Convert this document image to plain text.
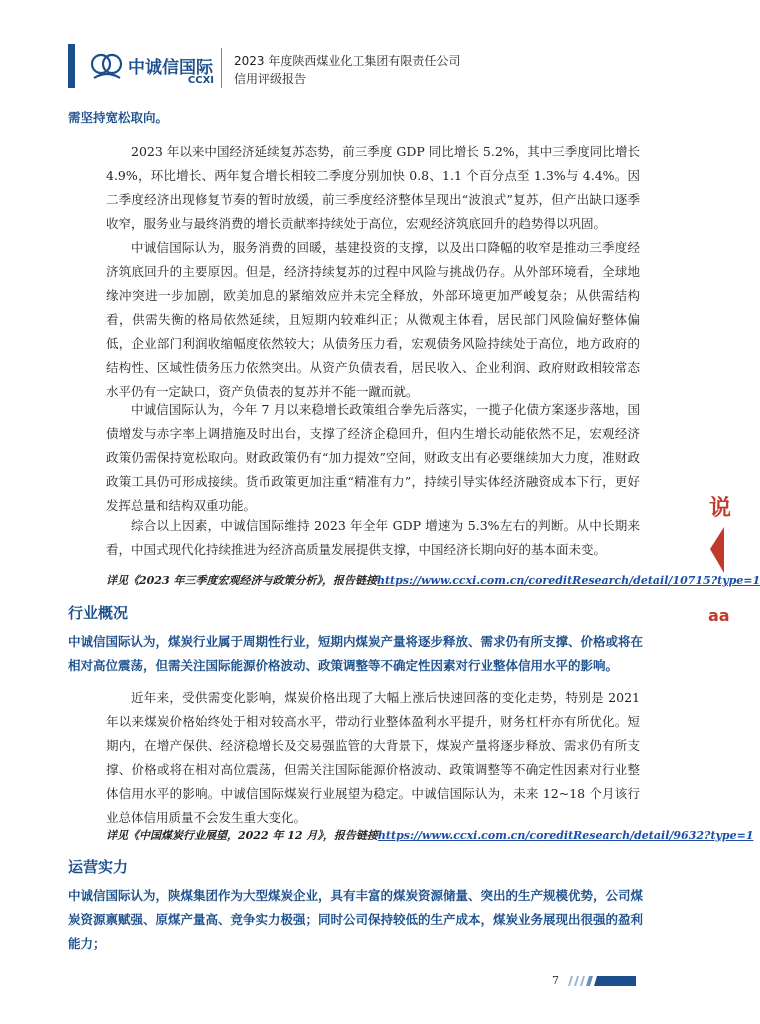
中诚信国际
CCXI
2023 年度陕西煤业化工集团有限责任公司
信用评级报告
说
aa
需坚持宽松取向。

2023 年以来中国经济延续复苏态势，前三季度 GDP 同比增长 5.2%，其中三季度同比增长 4.9%，环比增长、两年复合增长相较二季度分别加快 0.8、1.1 个百分点至 1.3%与 4.4%。因二季度经济出现修复节奏的暂时放缓，前三季度经济整体呈现出“波浪式”复苏，但产出缺口逐季收窄，服务业与最终消费的增长贡献率持续处于高位，宏观经济筑底回升的趋势得以巩固。

中诚信国际认为，服务消费的回暖，基建投资的支撑，以及出口降幅的收窄是推动三季度经济筑底回升的主要原因。但是，经济持续复苏的过程中风险与挑战仍存。从外部环境看，全球地缘冲突进一步加剧，欧美加息的紧缩效应并未完全释放，外部环境更加严峻复杂；从供需结构看，供需失衡的格局依然延续，且短期内较难纠正；从微观主体看，居民部门风险偏好整体偏低，企业部门利润收缩幅度依然较大；从债务压力看，宏观债务风险持续处于高位，地方政府的结构性、区域性债务压力依然突出。从资产负债表看，居民收入、企业利润、政府财政相较常态水平仍有一定缺口，资产负债表的复苏并不能一蹴而就。

中诚信国际认为，今年 7 月以来稳增长政策组合拳先后落实，一揽子化债方案逐步落地，国债增发与赤字率上调措施及时出台，支撑了经济企稳回升，但内生增长动能依然不足，宏观经济政策仍需保持宽松取向。财政政策仍有“加力提效”空间，财政支出有必要继续加大力度，准财政政策工具仍可形成接续。货币政策更加注重“精准有力”，持续引导实体经济融资成本下行，更好发挥总量和结构双重功能。

综合以上因素，中诚信国际维持 2023 年全年 GDP 增速为 5.3%左右的判断。从中长期来看，中国式现代化持续推进为经济高质量发展提供支撑，中国经济长期向好的基本面未变。

详见《2023 年三季度宏观经济与政策分析》，报告链接https://www.ccxi.com.cn/coreditResearch/detail/10715?type=1
行业概况

中诚信国际认为，煤炭行业属于周期性行业，短期内煤炭产量将逐步释放、需求仍有所支撑、价格或将在相对高位震荡，但需关注国际能源价格波动、政策调整等不确定性因素对行业整体信用水平的影响。

近年来，受供需变化影响，煤炭价格出现了大幅上涨后快速回落的变化走势，特别是 2021 年以来煤炭价格始终处于相对较高水平，带动行业整体盈利水平提升，财务杠杆亦有所优化。短期内，在增产保供、经济稳增长及交易强监管的大背景下，煤炭产量将逐步释放、需求仍有所支撑、价格或将在相对高位震荡，但需关注国际能源价格波动、政策调整等不确定性因素对行业整体信用水平的影响。中诚信国际煤炭行业展望为稳定。中诚信国际认为，未来 12~18 个月该行业总体信用质量不会发生重大变化。

详见《中国煤炭行业展望，2022 年 12 月》，报告链接https://www.ccxi.com.cn/coreditResearch/detail/9632?type=1
运营实力

中诚信国际认为，陕煤集团作为大型煤炭企业，具有丰富的煤炭资源储量、突出的生产规模优势，公司煤炭资源禀赋强、原煤产量高、竞争实力极强；同时公司保持较低的生产成本，煤炭业务展现出很强的盈利能力；

7
